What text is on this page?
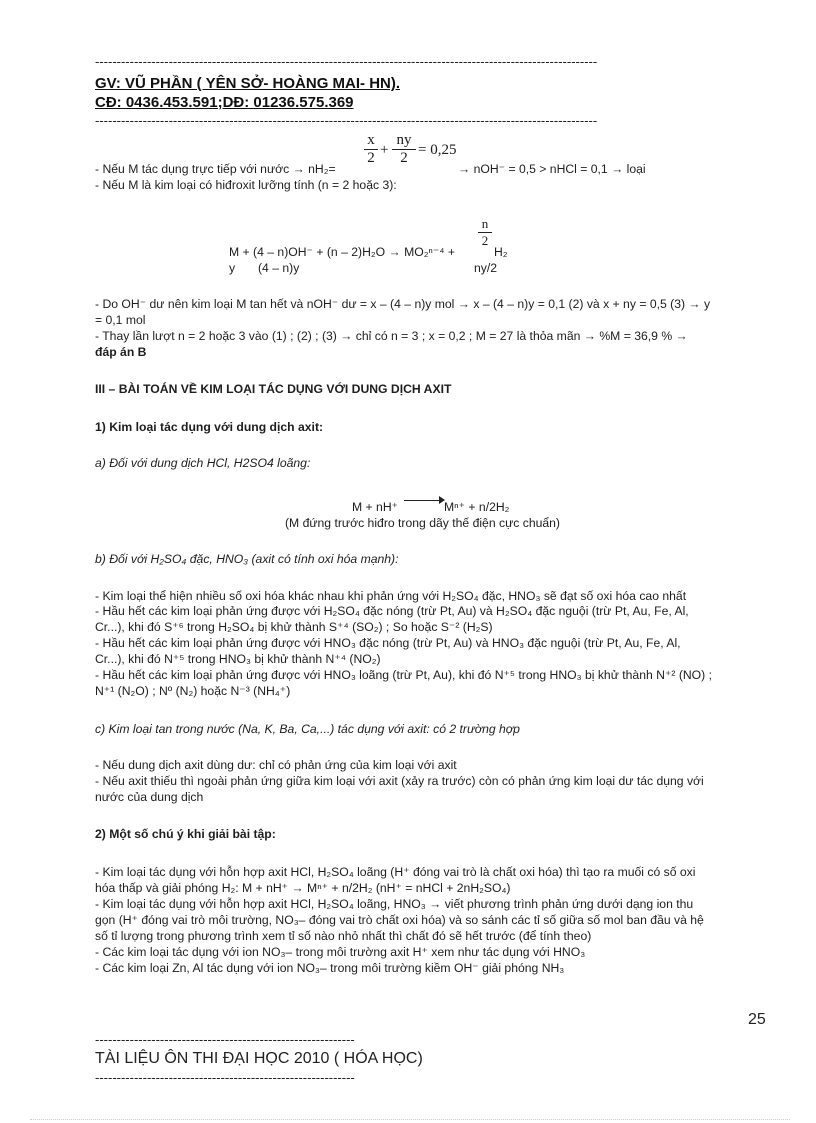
--------------------------------------------------------------------------------------------------------------------
GV: VŨ PHẦN ( YÊN SỞ- HOÀNG MAI- HN).
CĐ: 0436.453.591;DĐ: 01236.575.369
--------------------------------------------------------------------------------------------------------------------
$\frac{x}{2} + \frac{ny}{2} = 0,25$
- Nếu M tác dụng trực tiếp với nước → nH₂=	→ nOH⁻ = 0,5 > nHCl = 0,1 → loại
- Nếu M là kim loại có hiđroxit lưỡng tính (n = 2 hoặc 3):
$\frac{n}{2}$
M + (4 – n)OH⁻ + (n – 2)H₂O → MO₂ⁿ⁻⁴ +	H₂
y (4 – n)y	ny/2
- Do OH⁻ dư nên kim loại M tan hết và nOH⁻ dư = x – (4 – n)y mol → x – (4 – n)y = 0,1 (2) và x + ny = 0,5 (3) → y
= 0,1 mol
- Thay lần lượt n = 2 hoặc 3 vào (1) ; (2) ; (3) → chỉ có n = 3 ; x = 0,2 ; M = 27 là thỏa mãn → %M = 36,9 % →
đáp án B
III – BÀI TOÁN VỀ KIM LOẠI TÁC DỤNG VỚI DUNG DỊCH AXIT
1) Kim loại tác dụng với dung dịch axit:
a) Đối với dung dịch HCl, H2SO4 loãng:
M + nH⁺	Mⁿ⁺ + n/2H₂
(M đứng trước hiđro trong dãy thế điện cực chuẩn)
b) Đối với H₂SO₄ đặc, HNO₃ (axit có tính oxi hóa mạnh):
- Kim loại thể hiện nhiều số oxi hóa khác nhau khi phản ứng với H₂SO₄ đặc, HNO₃ sẽ đạt số oxi hóa cao nhất
- Hầu hết các kim loại phản ứng được với H₂SO₄ đặc nóng (trừ Pt, Au) và H₂SO₄ đặc nguội (trừ Pt, Au, Fe, Al,
Cr...), khi đó S⁺⁶ trong H₂SO₄ bị khử thành S⁺⁴ (SO₂) ; So hoặc S⁻² (H₂S)
- Hầu hết các kim loại phản ứng được với HNO₃ đặc nóng (trừ Pt, Au) và HNO₃ đặc nguội (trừ Pt, Au, Fe, Al,
Cr...), khi đó N⁺⁵ trong HNO₃ bị khử thành N⁺⁴ (NO₂)
- Hầu hết các kim loại phản ứng được với HNO₃ loãng (trừ Pt, Au), khi đó N⁺⁵ trong HNO₃ bị khử thành N⁺² (NO) ;
N⁺¹ (N₂O) ; Nº (N₂) hoặc N⁻³ (NH₄⁺)
c) Kim loại tan trong nước (Na, K, Ba, Ca,...) tác dụng với axit: có 2 trường hợp
- Nếu dung dịch axit dùng dư: chỉ có phản ứng của kim loại với axit
- Nếu axit thiếu thì ngoài phản ứng giữa kim loại với axit (xảy ra trước) còn có phản ứng kim loại dư tác dụng với
nước của dung dịch
2) Một số chú ý khi giải bài tập:
- Kim loại tác dụng với hỗn hợp axit HCl, H₂SO₄ loãng (H⁺ đóng vai trò là chất oxi hóa) thì tạo ra muối có số oxi
hóa thấp và giải phóng H₂: M + nH⁺ → Mⁿ⁺ + n/2H₂ (nH⁺ = nHCl + 2nH₂SO₄)
- Kim loại tác dụng với hỗn hợp axit HCl, H₂SO₄ loãng, HNO₃ → viết phương trình phản ứng dưới dạng ion thu
gọn (H⁺ đóng vai trò môi trường, NO₃– đóng vai trò chất oxi hóa) và so sánh các tỉ số giữa số mol ban đầu và hệ
số tỉ lượng trong phương trình xem tỉ số nào nhỏ nhất thì chất đó sẽ hết trước (để tính theo)
- Các kim loại tác dụng với ion NO₃– trong môi trường axit H⁺ xem như tác dụng với HNO₃
- Các kim loại Zn, Al tác dụng với ion NO₃– trong môi trường kiềm OH⁻ giải phóng NH₃
25
------------------------------------------------------------
TÀI LIỆU ÔN THI ĐẠI HỌC 2010 ( HÓA HỌC)
------------------------------------------------------------
